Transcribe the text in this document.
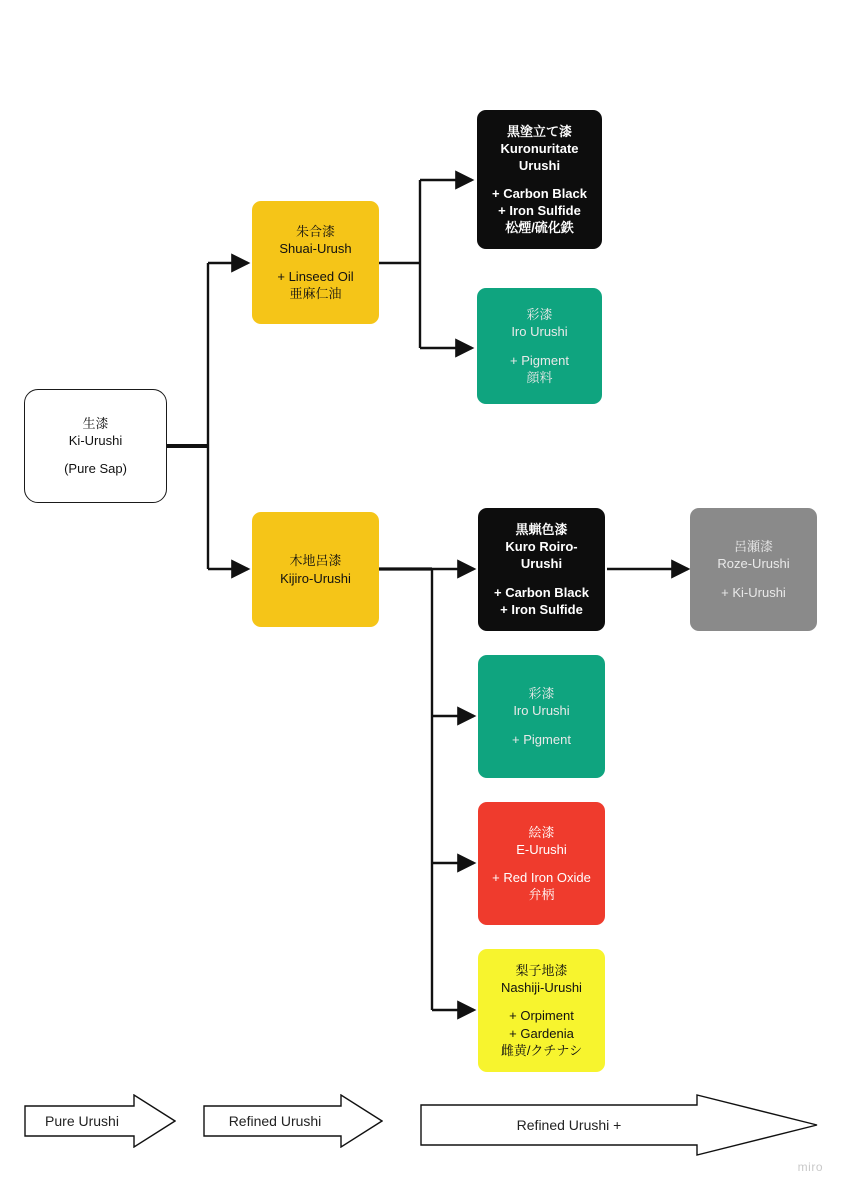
生漆
Ki-Urushi
(Pure Sap)
朱合漆
Shuai-Urush
+ Linseed Oil
亜麻仁油
黒塗立て漆
Kuronuritate
Urushi
+ Carbon Black
+ Iron Sulfide
松煙/硫化鉄
彩漆
Iro Urushi
+ Pigment
顔料
木地呂漆
Kijiro-Urushi
黒蝋色漆
Kuro Roiro-
Urushi
+ Carbon Black
+ Iron Sulfide
呂瀬漆
Roze-Urushi
+ Ki-Urushi
彩漆
Iro Urushi
+ Pigment
絵漆
E-Urushi
+ Red Iron Oxide
弁柄
梨子地漆
Nashiji-Urushi
+ Orpiment
+ Gardenia
雌黄/クチナシ
Pure Urushi	Refined Urushi	Refined Urushi +
miro
